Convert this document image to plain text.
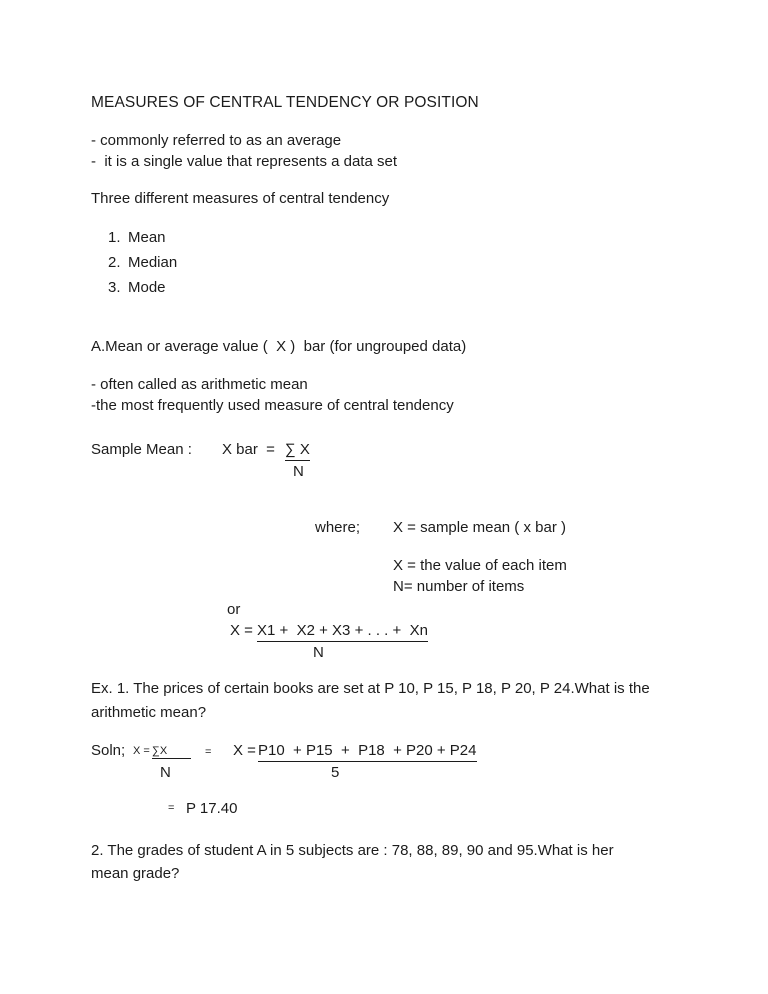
MEASURES OF CENTRAL TENDENCY OR POSITION
- commonly referred to as an average
-  it is a single value that represents a data set
Three different measures of central tendency
1. Mean
2. Median
3. Mode
A.Mean or average value (  X )  bar (for ungrouped data)
- often called as arithmetic mean
-the most frequently used measure of central tendency
Sample Mean : X bar  = ∑ X
N
where; X = sample mean ( x bar )
X = the value of each item
N= number of items
or
X = X1 +  X2 + X3 + . . . +  Xn
N
Ex. 1. The prices of certain books are set at P 10, P 15, P 18, P 20, P 24.What is the
arithmetic mean?
Soln; X = ∑X
N
= X = P10  + P15  +  P18  + P20 + P24
5
= P 17.40
2. The grades of student A in 5 subjects are : 78, 88, 89, 90 and 95.What is her
mean grade?
